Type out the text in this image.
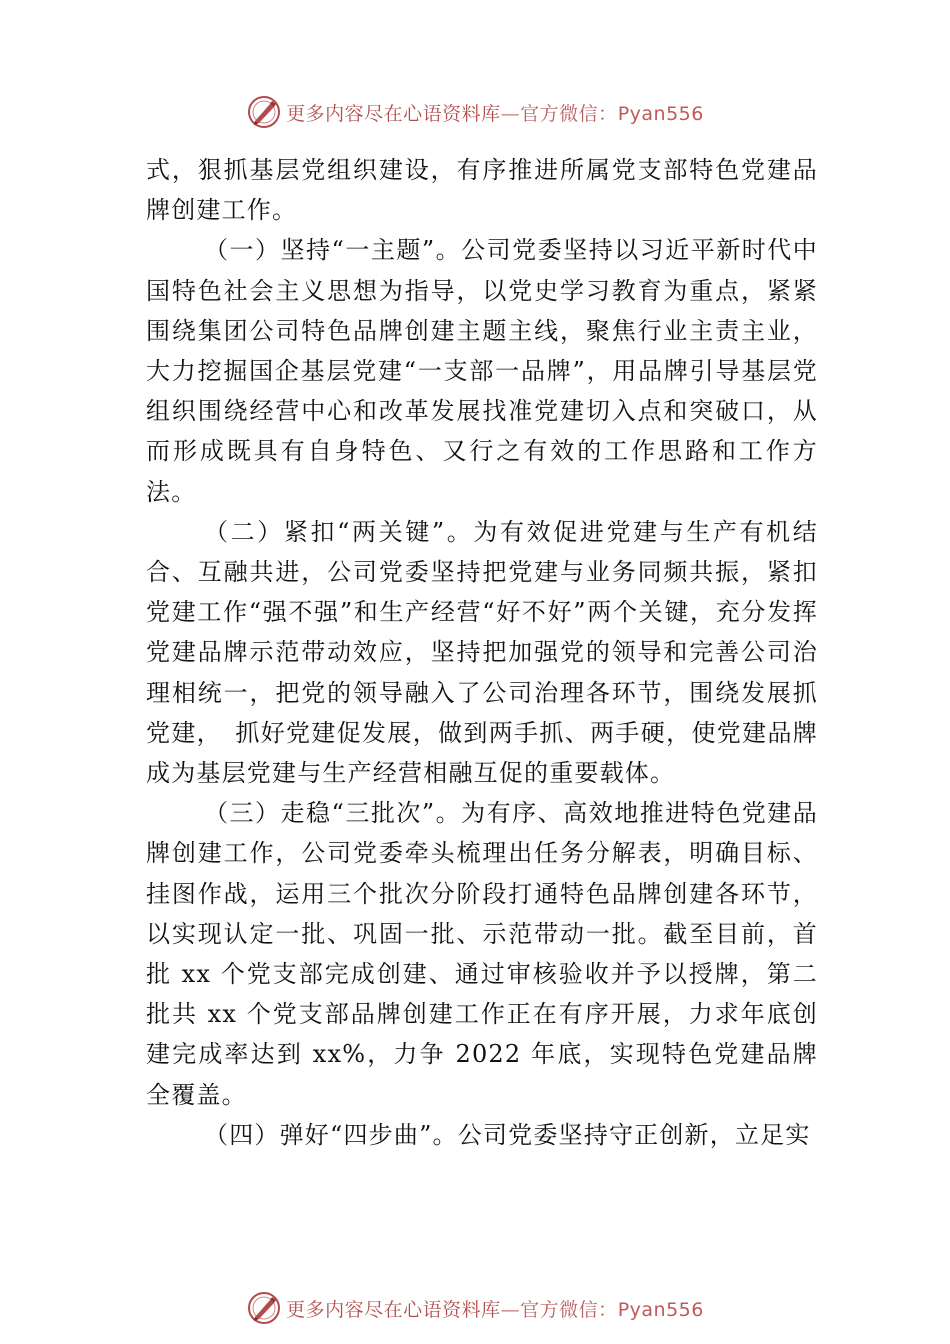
更多内容尽在心语资料库—官方微信：Pyan556

式，狠抓基层党组织建设，有序推进所属党支部特色党建品牌创建工作。

（一）坚持“一主题”。公司党委坚持以习近平新时代中国特色社会主义思想为指导，以党史学习教育为重点，紧紧围绕集团公司特色品牌创建主题主线，聚焦行业主责主业，大力挖掘国企基层党建“一支部一品牌”，用品牌引导基层党组织围绕经营中心和改革发展找准党建切入点和突破口，从而形成既具有自身特色、又行之有效的工作思路和工作方法。

（二）紧扣“两关键”。为有效促进党建与生产有机结合、互融共进，公司党委坚持把党建与业务同频共振，紧扣党建工作“强不强”和生产经营“好不好”两个关键，充分发挥党建品牌示范带动效应，坚持把加强党的领导和完善公司治理相统一，把党的领导融入了公司治理各环节，围绕发展抓党建，　抓好党建促发展，做到两手抓、两手硬，使党建品牌成为基层党建与生产经营相融互促的重要载体。

（三）走稳“三批次”。为有序、高效地推进特色党建品牌创建工作，公司党委牵头梳理出任务分解表，明确目标、挂图作战，运用三个批次分阶段打通特色品牌创建各环节，以实现认定一批、巩固一批、示范带动一批。截至目前，首批 xx 个党支部完成创建、通过审核验收并予以授牌，第二批共 xx 个党支部品牌创建工作正在有序开展，力求年底创建完成率达到 xx%，力争 2022 年底，实现特色党建品牌全覆盖。

（四）弹好“四步曲”。公司党委坚持守正创新，立足实

更多内容尽在心语资料库—官方微信：Pyan556
